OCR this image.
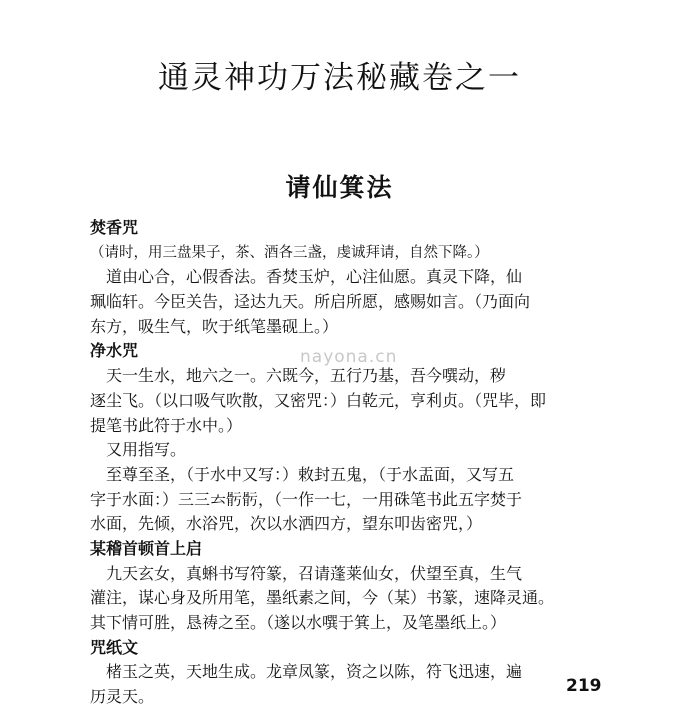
通灵神功万法秘藏卷之一
请仙箕法
焚香咒
（请时，用三盘果子，茶、酒各三盏，虔诚拜请，自然下降。）
　道由心合，心假香法。香焚玉炉，心注仙愿。真灵下降，仙
珮临轩。今臣关告，迳达九天。所启所愿，感赐如言。（乃面向
东方，吸生气，吹于纸笔墨砚上。）
净水咒
　天一生水，地六之一。六既今，五行乃基，吾今噀动，秽
逐尘飞。（以口吸气吹散，又密咒：）白乾元，亨利贞。（咒毕，即
提笔书此符于水中。）
　又用指写。
　至尊至圣，（于水中又写：）敕封五鬼，（于水盂面，又写五
字于水面：）三三𠫓𩨗𩨗，（一作一七，一用硃笔书此五字焚于
水面，先倾，水浴咒，次以水洒四方，望东叩齿密咒，）
某稽首顿首上启
　九天玄女，真蝌书写符篆，召请蓬莱仙女，伏望至真，生气
灌注，谋心身及所用笔，墨纸素之间，今（某）书篆，速降灵通。
其下情可胜，恳祷之至。（遂以水噀于箕上，及笔墨纸上。）
咒纸文
　楮玉之英，天地生成。龙章凤篆，资之以陈，符飞迅速，遍
历灵天。
nayona.cn
219
